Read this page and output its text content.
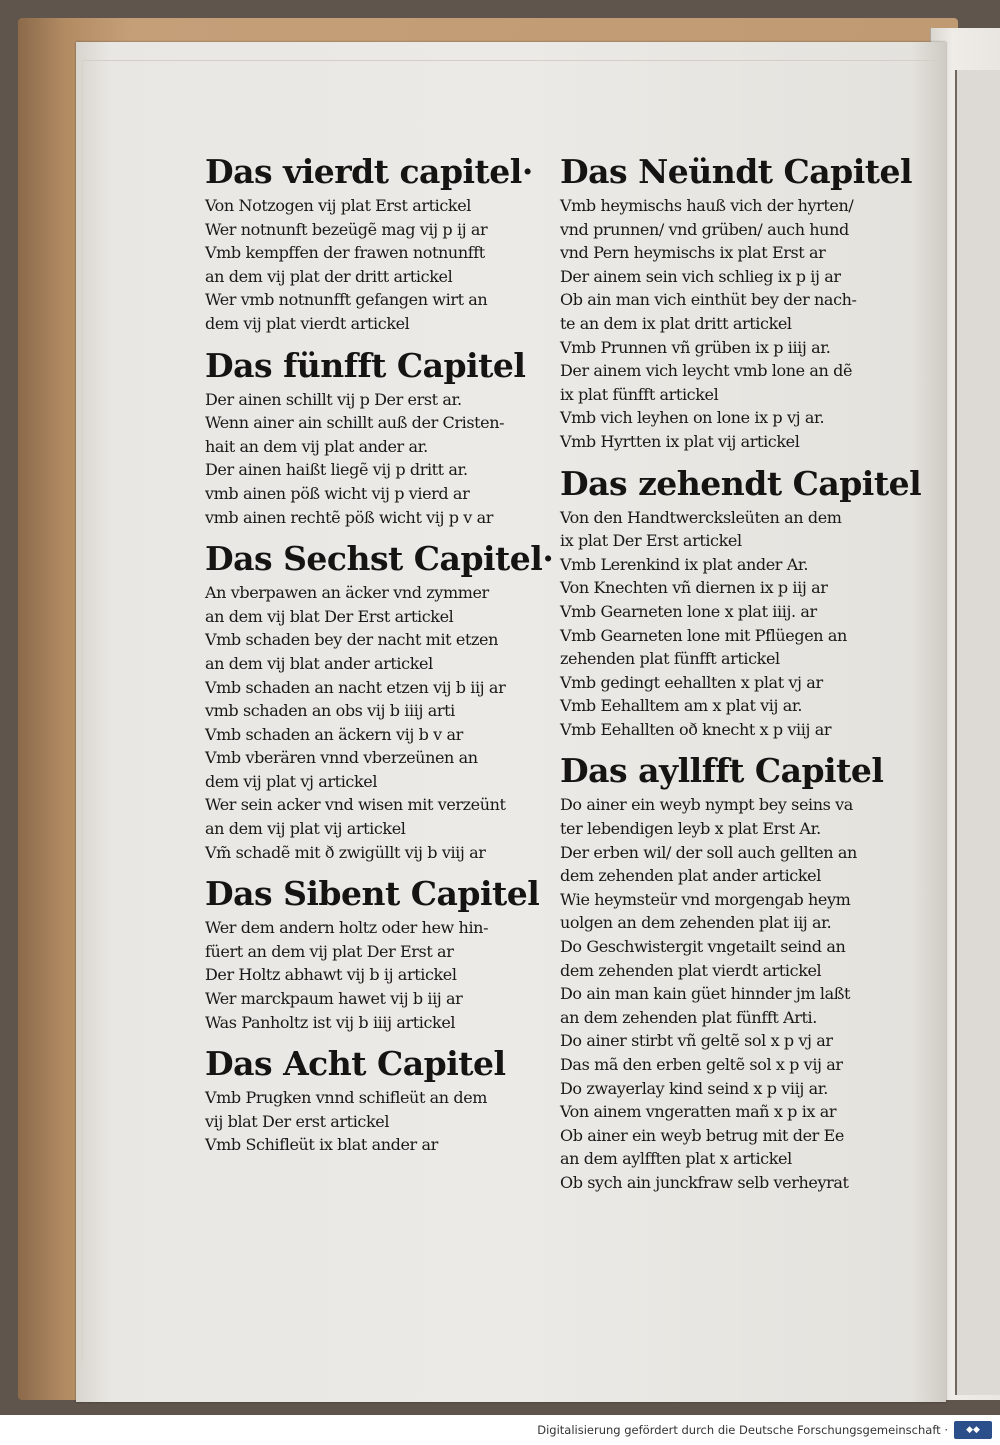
Das vierdt capitel·
Von Notzogen vij plat Erst artickel
Wer notnunft bezeügẽ mag vij p ij ar
Vmb kempffen der frawen notnunfft
an dem vij plat der dritt artickel
Wer vmb notnunfft gefangen wirt an
dem vij plat vierdt artickel
Das fünfft Capitel
Der ainen schillt vij p Der erst ar.
Wenn ainer ain schillt auß der Cristen-
hait an dem vij plat ander ar.
Der ainen haißt liegẽ vij p dritt ar.
vmb ainen pöß wicht vij p vierd ar
vmb ainen rechtẽ pöß wicht vij p v ar
Das Sechst Capitel·
An vberpawen an äcker vnd zymmer
an dem vij blat Der Erst artickel
Vmb schaden bey der nacht mit etzen
an dem vij blat ander artickel
Vmb schaden an nacht etzen vij b iij ar
vmb schaden an obs vij b iiij arti
Vmb schaden an äckern vij b v ar
Vmb vberären vnnd vberzeünen an
dem vij plat vj artickel
Wer sein acker vnd wisen mit verzeünt
an dem vij plat vij artickel
Vm̃ schadẽ mit ð zwigüllt vij b viij ar
Das Sibent Capitel
Wer dem andern holtz oder hew hin-
füert an dem vij plat Der Erst ar
Der Holtz abhawt vij b ij artickel
Wer marckpaum hawet vij b iij ar
Was Panholtz ist vij b iiij artickel
Das Acht Capitel
Vmb Prugken vnnd schifleüt an dem
vij blat Der erst artickel
Vmb Schifleüt ix blat ander ar
Das Neündt Capitel
Vmb heymischs hauß vich der hyrten/
vnd prunnen/ vnd grüben/ auch hund
vnd Pern heymischs ix plat Erst ar
Der ainem sein vich schlieg ix p ij ar
Ob ain man vich einthüt bey der nach-
te an dem ix plat dritt artickel
Vmb Prunnen vñ grüben ix p iiij ar.
Der ainem vich leycht vmb lone an dẽ
ix plat fünfft artickel
Vmb vich leyhen on lone ix p vj ar.
Vmb Hyrtten ix plat vij artickel
Das zehendt Capitel
Von den Handtwercksleüten an dem
ix plat Der Erst artickel
Vmb Lerenkind ix plat ander Ar.
Von Knechten vñ diernen ix p iij ar
Vmb Gearneten lone x plat iiij. ar
Vmb Gearneten lone mit Pflüegen an
zehenden plat fünfft artickel
Vmb gedingt eehallten x plat vj ar
Vmb Eehalltem am x plat vij ar.
Vmb Eehallten oð knecht x p viij ar
Das ayllfft Capitel
Do ainer ein weyb nympt bey seins va
ter lebendigen leyb x plat Erst Ar.
Der erben wil/ der soll auch gellten an
dem zehenden plat ander artickel
Wie heymsteür vnd morgengab heym
uolgen an dem zehenden plat iij ar.
Do Geschwistergit vngetailt seind an
dem zehenden plat vierdt artickel
Do ain man kain güet hinnder jm laßt
an dem zehenden plat fünfft Arti.
Do ainer stirbt vñ geltẽ sol x p vj ar
Das mã den erben geltẽ sol x p vij ar
Do zwayerlay kind seind x p viij ar.
Von ainem vngeratten mañ x p ix ar
Ob ainer ein weyb betrug mit der Ee
an dem aylfften plat x artickel
Ob sych ain junckfraw selb verheyrat
Digitalisierung gefördert durch die Deutsche Forschungsgemeinschaft ·	◆◆
